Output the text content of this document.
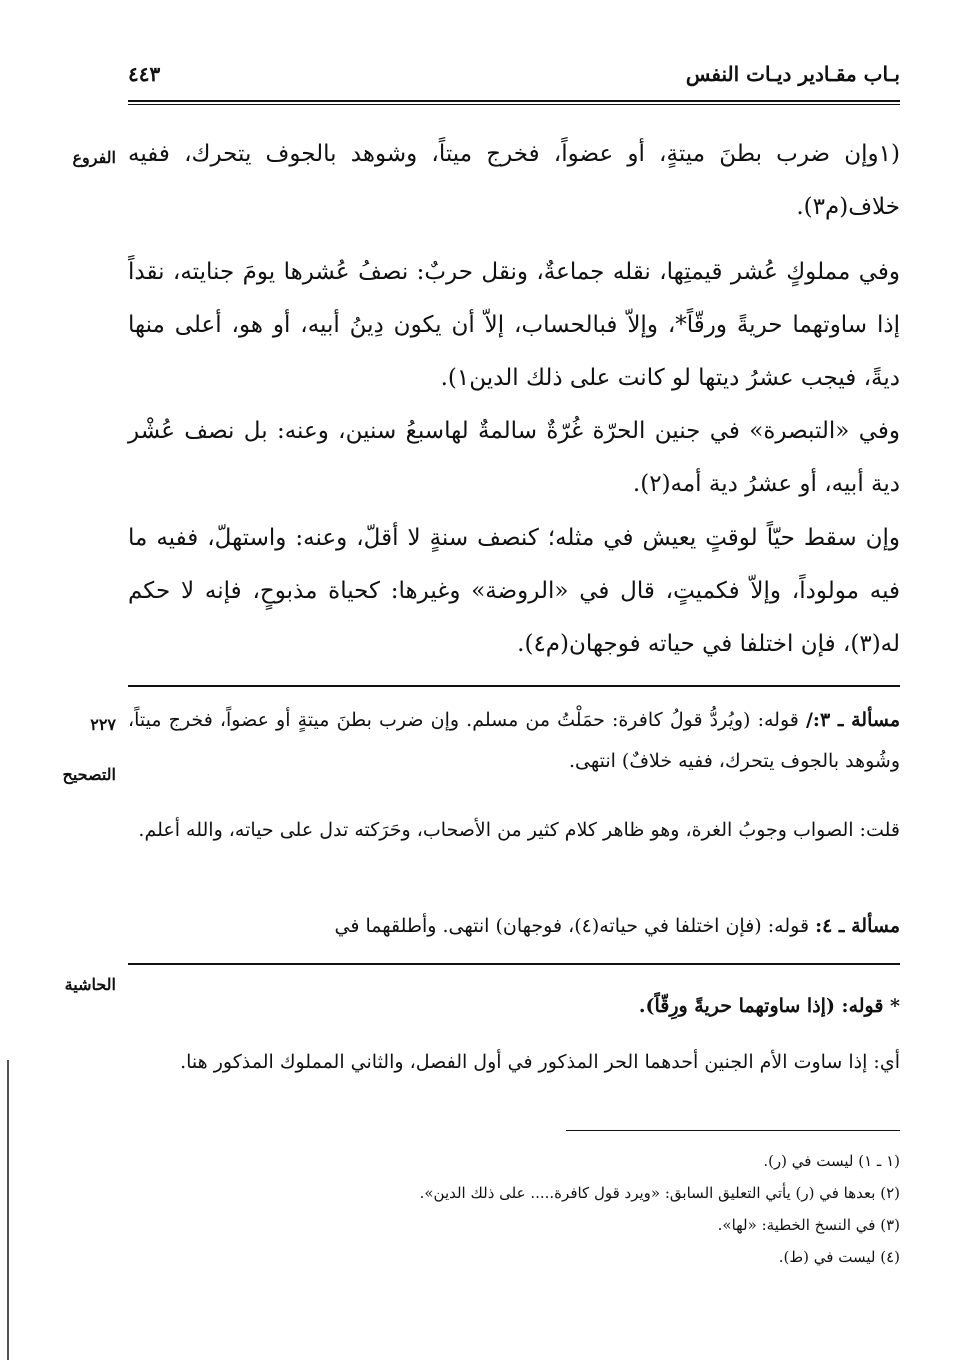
بـاب مقـادير ديـات النفس
٤٤٣
الفروع
٢٢٧
التصحيح
الحاشية
(١وإن ضرب بطنَ ميتةٍ، أو عضواً، فخرج ميتاً، وشوهد بالجوف يتحرك، ففيه خلاف(م٣).
وفي مملوكٍ عُشر قيمتِها، نقله جماعةٌ، ونقل حربٌ: نصفُ عُشرها يومَ جنايته، نقداً إذا ساوتهما حريةً ورقّاً*، وإلاّ فبالحساب، إلاّ أن يكون دِينُ أبيه، أو هو، أعلى منها ديةً، فيجب عشرُ ديتها لو كانت على ذلك الدين١).
وفي «التبصرة» في جنين الحرّة غُرّةٌ سالمةٌ لهاسبعُ سنين، وعنه: بل نصف عُشْر دية أبيه، أو عشرُ دية أمه(٢).
وإن سقط حيّاً لوقتٍ يعيش في مثله؛ كنصف سنةٍ لا أقلّ، وعنه: واستهلّ، ففيه ما فيه مولوداً، وإلاّ فكميتٍ، قال في «الروضة» وغيرها: كحياة مذبوحٍ، فإنه لا حكم له(٣)، فإن اختلفا في حياته فوجهان(م٤).
مسألة ـ ٣:/ قوله: (ويُردُّ قولُ كافرة: حمَلْتُ من مسلم. وإن ضرب بطنَ ميتةٍ أو عضواً، فخرج ميتاً، وشُوهد بالجوف يتحرك، ففيه خلافٌ) انتهى.
قلت: الصواب وجوبُ الغرة، وهو ظاهر كلام كثير من الأصحاب، وحَرَكته تدل على حياته، والله أعلم.
مسألة ـ ٤: قوله: (فإن اختلفا في حياته(٤)، فوجهان) انتهى. وأطلقهما في
* قوله: (إذا ساوتهما حريةً ورِقّاً).
أي: إذا ساوت الأم الجنين أحدهما الحر المذكور في أول الفصل، والثاني المملوك المذكور هنا.
(١ ـ ١) ليست في (ر).
(٢) بعدها في (ر) يأتي التعليق السابق: «ويرد قول كافرة..... على ذلك الدين».
(٣) في النسخ الخطية: «لها».
(٤) ليست في (ط).
